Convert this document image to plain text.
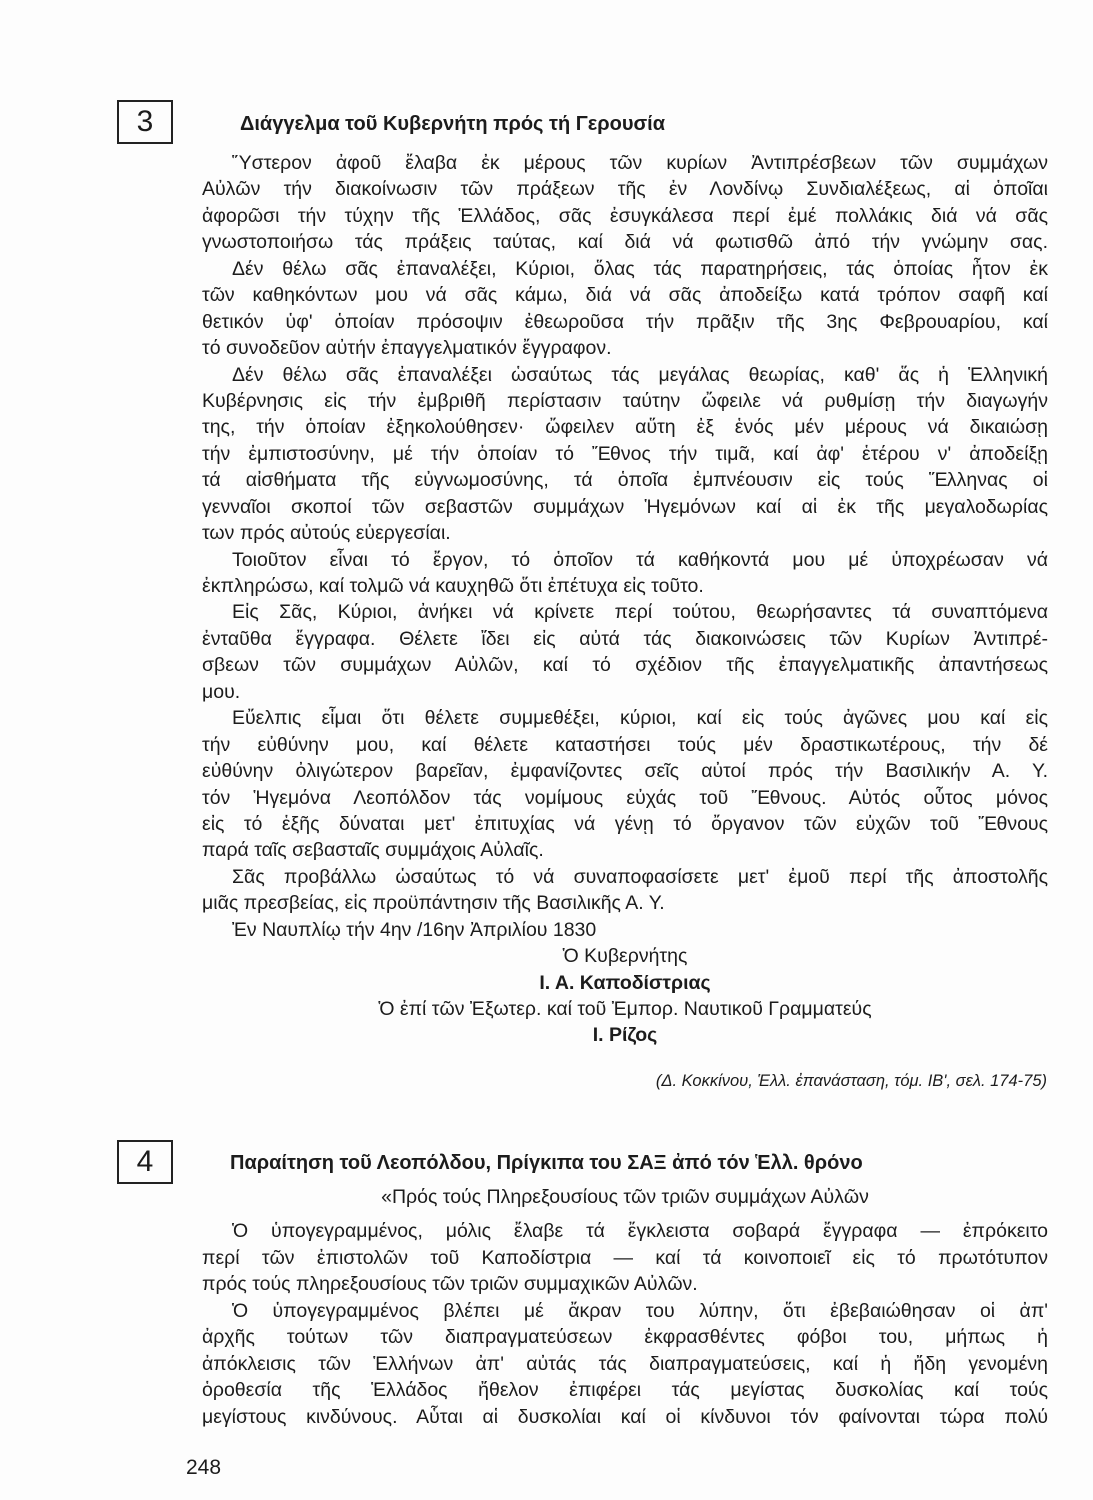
3	Διάγγελμα τοῦ Κυβερνήτη πρός τή Γερουσία
Ὕστερον ἀφοῦ ἔλαβα ἐκ μέρους τῶν κυρίων Ἀντιπρέσβεων τῶν συμμάχων
Αὐλῶν τήν διακοίνωσιν τῶν πράξεων τῆς ἐν Λονδίνῳ Συνδιαλέξεως, αἱ ὁποῖαι
ἀφορῶσι τήν τύχην τῆς Ἑλλάδος, σᾶς ἐσυγκάλεσα περί ἐμέ πολλάκις διά νά σᾶς
γνωστοποιήσω τάς πράξεις ταύτας, καί διά νά φωτισθῶ ἀπό τήν γνώμην σας.
Δέν θέλω σᾶς ἐπαναλέξει, Κύριοι, ὅλας τάς παρατηρήσεις, τάς ὁποίας ἦτον ἐκ
τῶν καθηκόντων μου νά σᾶς κάμω, διά νά σᾶς ἀποδείξω κατά τρόπον σαφῆ καί
θετικόν ὑφ' ὁποίαν πρόσοψιν ἐθεωροῦσα τήν πρᾶξιν τῆς 3ης Φεβρουαρίου, καί
τό συνοδεῦον αὐτήν ἐπαγγελματικόν ἔγγραφον.
Δέν θέλω σᾶς ἐπαναλέξει ὡσαύτως τάς μεγάλας θεωρίας, καθ' ἅς ἡ Ἑλληνική
Κυβέρνησις εἰς τήν ἐμβριθῆ περίστασιν ταύτην ὤφειλε νά ρυθμίσῃ τήν διαγωγήν
της, τήν ὁποίαν ἐξηκολούθησεν· ὤφειλεν αὕτη ἐξ ἑνός μέν μέρους νά δικαιώσῃ
τήν ἐμπιστοσύνην, μέ τήν ὁποίαν τό Ἔθνος τήν τιμᾶ, καί ἀφ' ἑτέρου ν' ἀποδείξῃ
τά αἰσθήματα τῆς εὐγνωμοσύνης, τά ὁποῖα ἐμπνέουσιν εἰς τούς Ἕλληνας οἱ
γενναῖοι σκοποί τῶν σεβαστῶν συμμάχων Ἡγεμόνων καί αἱ ἐκ τῆς μεγαλοδωρίας
των πρός αὐτούς εὐεργεσίαι.
Τοιοῦτον εἶναι τό ἔργον, τό ὁποῖον τά καθήκοντά μου μέ ὑποχρέωσαν νά
ἐκπληρώσω, καί τολμῶ νά καυχηθῶ ὅτι ἐπέτυχα εἰς τοῦτο.
Εἰς Σᾶς, Κύριοι, ἀνήκει νά κρίνετε περί τούτου, θεωρήσαντες τά συναπτόμενα
ἐνταῦθα ἔγγραφα. Θέλετε ἴδει εἰς αὐτά τάς διακοινώσεις τῶν Κυρίων Ἀντιπρέ-
σβεων τῶν συμμάχων Αὐλῶν, καί τό σχέδιον τῆς ἐπαγγελματικῆς ἀπαντήσεως
μου.
Εὔελπις εἶμαι ὅτι θέλετε συμμεθέξει, κύριοι, καί εἰς τούς ἀγῶνες μου καί εἰς
τήν εὐθύνην μου, καί θέλετε καταστήσει τούς μέν δραστικωτέρους, τήν δέ
εὐθύνην ὀλιγώτερον βαρεῖαν, ἐμφανίζοντες σεῖς αὐτοί πρός τήν Βασιλικήν Α. Υ.
τόν Ἡγεμόνα Λεοπόλδον τάς νομίμους εὐχάς τοῦ Ἔθνους. Αὐτός οὗτος μόνος
εἰς τό ἑξῆς δύναται μετ' ἐπιτυχίας νά γένῃ τό ὄργανον τῶν εὐχῶν τοῦ Ἔθνους
παρά ταῖς σεβασταῖς συμμάχοις Αὐλαῖς.
Σᾶς προβάλλω ὡσαύτως τό νά συναποφασίσετε μετ' ἐμοῦ περί τῆς ἀποστολῆς
μιᾶς πρεσβείας, εἰς προϋπάντησιν τῆς Βασιλικῆς Α. Υ.
Ἐν Ναυπλίῳ τήν 4ην /16ην Ἀπριλίου 1830
Ὁ Κυβερνήτης
Ι. Α. Καποδίστριας
Ὁ ἐπί τῶν Ἐξωτερ. καί τοῦ Ἐμπορ. Ναυτικοῦ Γραμματεύς
Ι. Ρίζος
(Δ. Κοκκίνου, Ἑλλ. ἐπανάσταση, τόμ. ΙΒ', σελ. 174-75)
4	Παραίτηση τοῦ Λεοπόλδου, Πρίγκιπα του ΣΑΞ ἀπό τόν Ἑλλ. θρόνο
«Πρός τούς Πληρεξουσίους τῶν τριῶν συμμάχων Αὐλῶν
Ὁ ὑπογεγραμμένος, μόλις ἔλαβε τά ἔγκλειστα σοβαρά ἔγγραφα — ἐπρόκειτο
περί τῶν ἐπιστολῶν τοῦ Καποδίστρια — καί τά κοινοποιεῖ εἰς τό πρωτότυπον
πρός τούς πληρεξουσίους τῶν τριῶν συμμαχικῶν Αὐλῶν.
Ὁ ὑπογεγραμμένος βλέπει μέ ἄκραν του λύπην, ὅτι ἐβεβαιώθησαν οἱ ἀπ'
ἀρχῆς τούτων τῶν διαπραγματεύσεων ἐκφρασθέντες φόβοι του, μήπως ἡ
ἀπόκλεισις τῶν Ἑλλήνων ἀπ' αὐτάς τάς διαπραγματεύσεις, καί ἡ ἤδη γενομένη
ὁροθεσία τῆς Ἑλλάδος ἤθελον ἐπιφέρει τάς μεγίστας δυσκολίας καί τούς
μεγίστους κινδύνους. Αὗται αἱ δυσκολίαι καί οἱ κίνδυνοι τόν φαίνονται τώρα πολύ
248
